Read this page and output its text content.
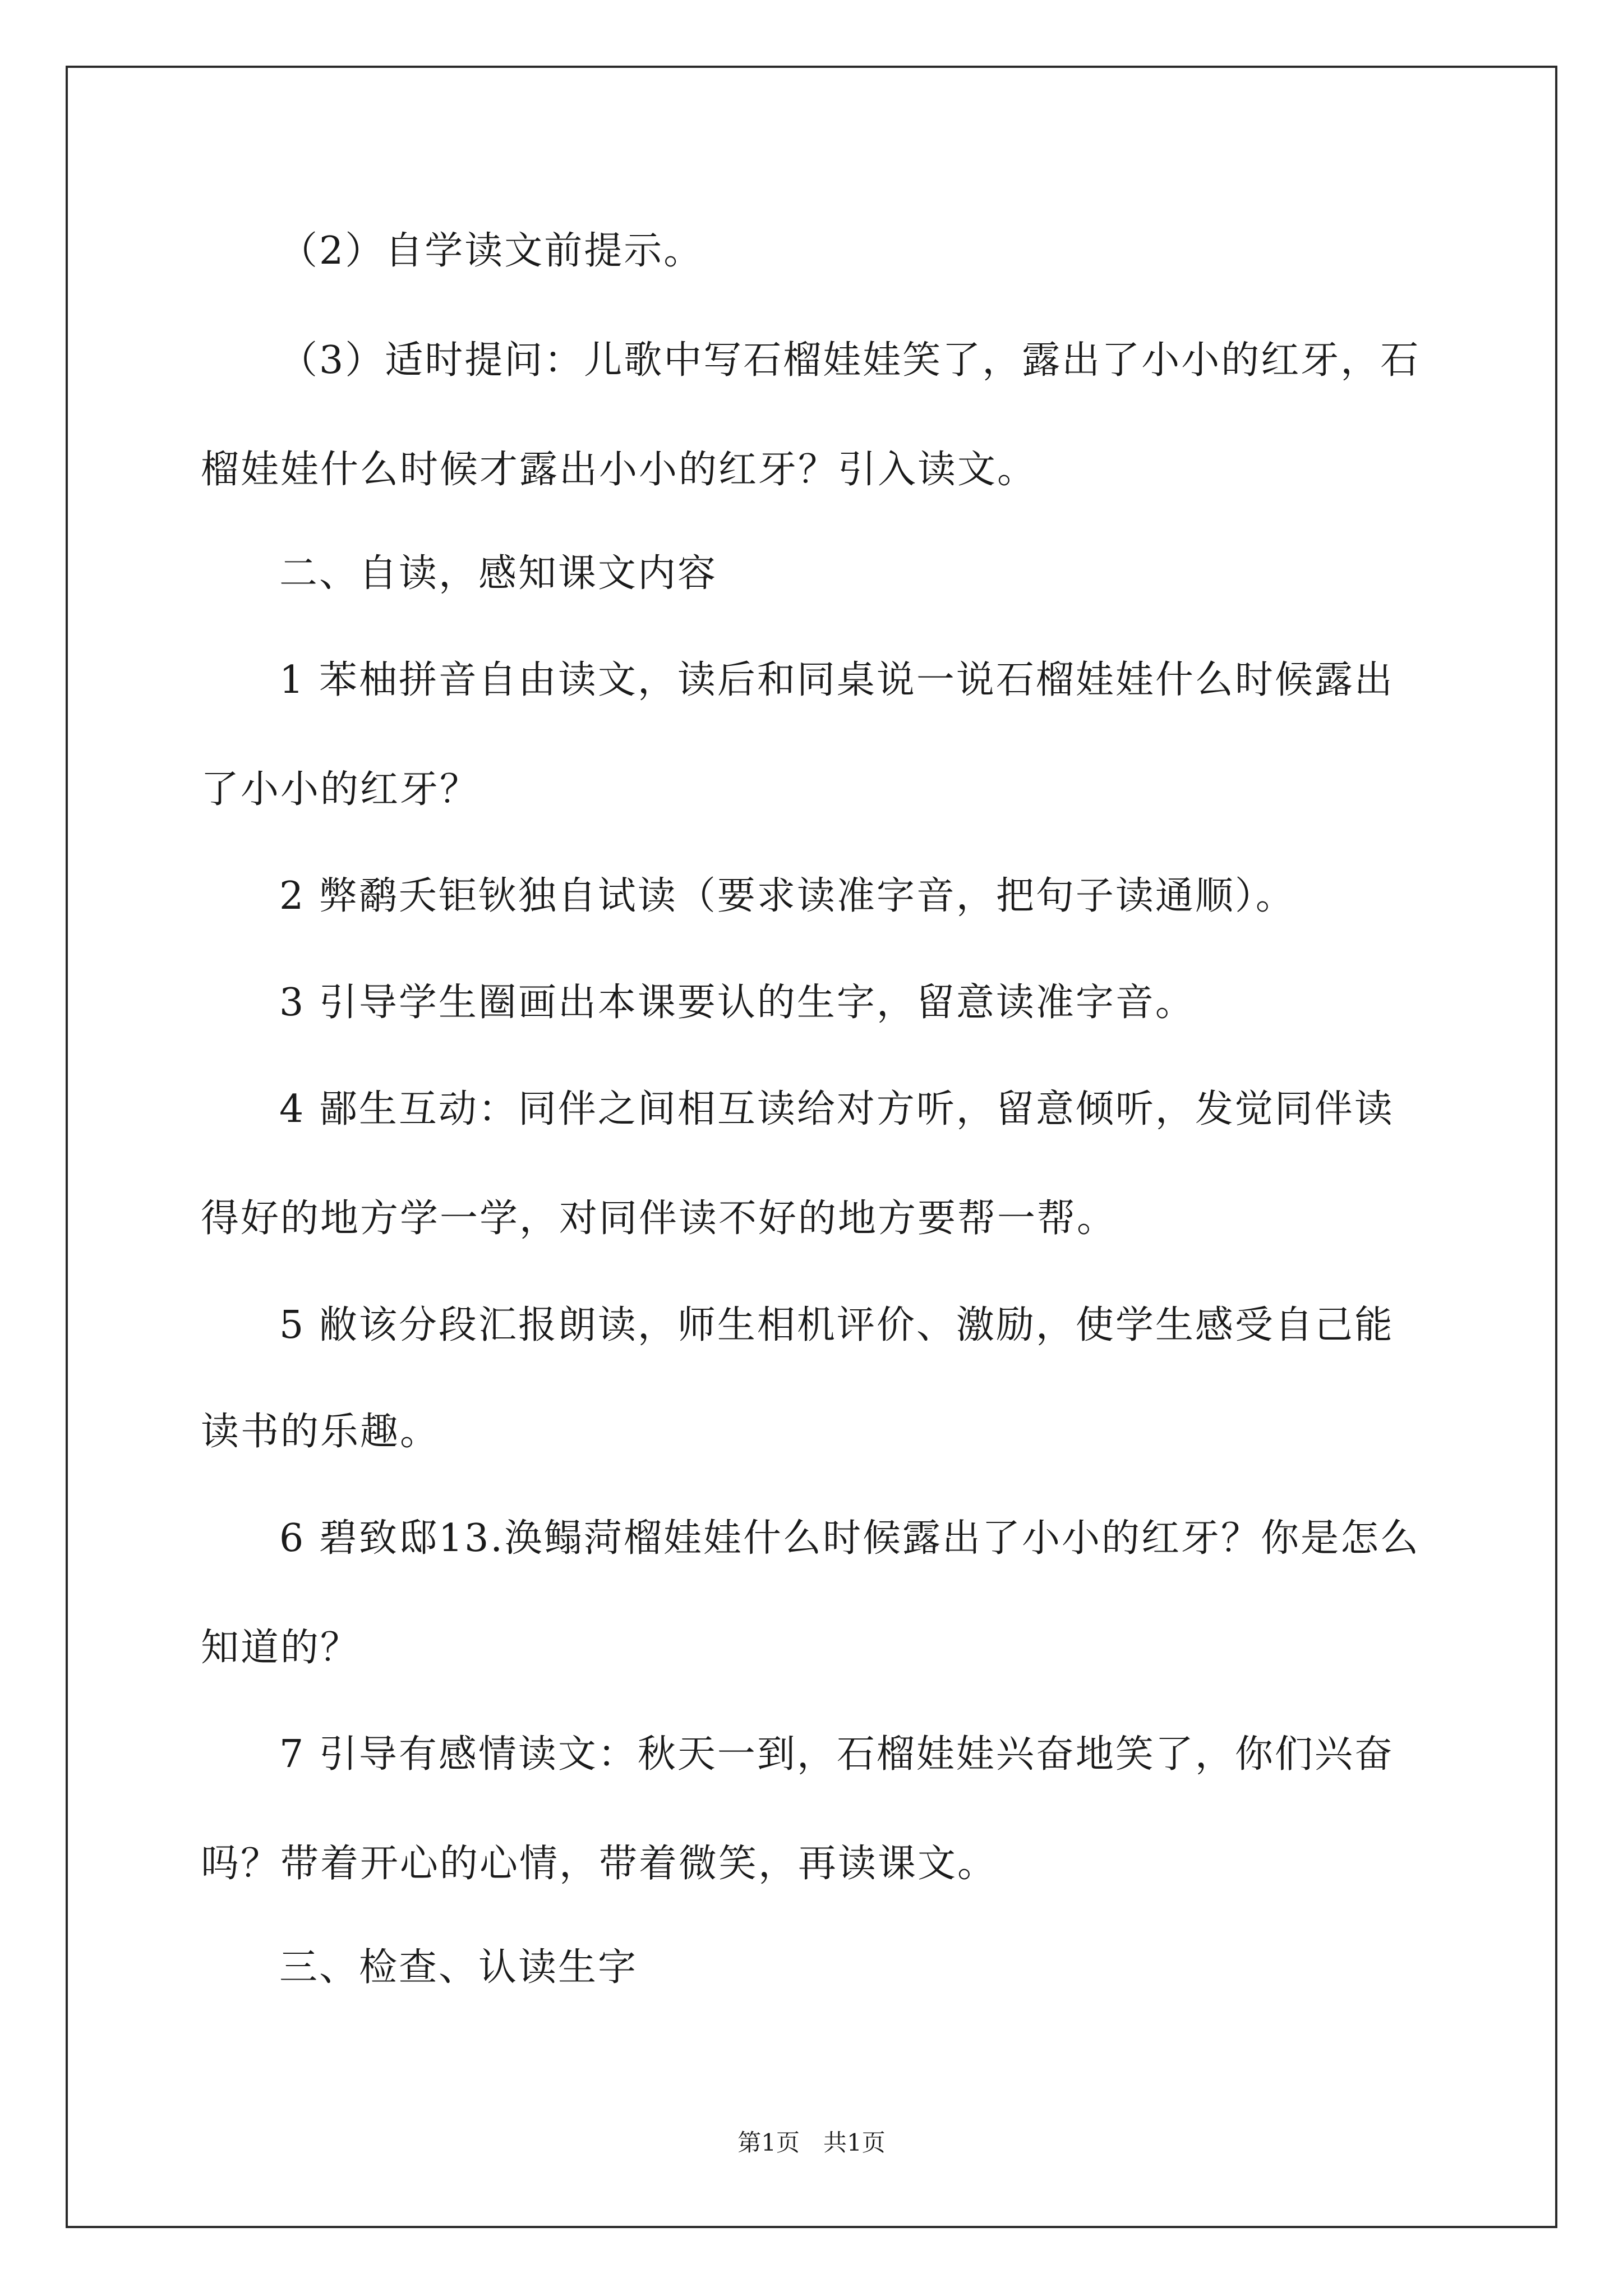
（2）自学读文前提示。
（3）适时提问：儿歌中写石榴娃娃笑了，露出了小小的红牙，石
榴娃娃什么时候才露出小小的红牙？引入读文。
二、自读，感知课文内容
1 苯柚拼音自由读文，读后和同桌说一说石榴娃娃什么时候露出
了小小的红牙？
2 弊鹬夭钜钬独自试读（要求读准字音，把句子读通顺）。
3 引导学生圈画出本课要认的生字，留意读准字音。
4 鄙生互动：同伴之间相互读给对方听，留意倾听，发觉同伴读
得好的地方学一学，对同伴读不好的地方要帮一帮。
5 敝该分段汇报朗读，师生相机评价、激励，使学生感受自己能
读书的乐趣。
6 碧致邸13.涣鳎菏榴娃娃什么时候露出了小小的红牙？你是怎么
知道的？
7 引导有感情读文：秋天一到，石榴娃娃兴奋地笑了，你们兴奋
吗？带着开心的心情，带着微笑，再读课文。
三、检查、认读生字
第1页　共1页
